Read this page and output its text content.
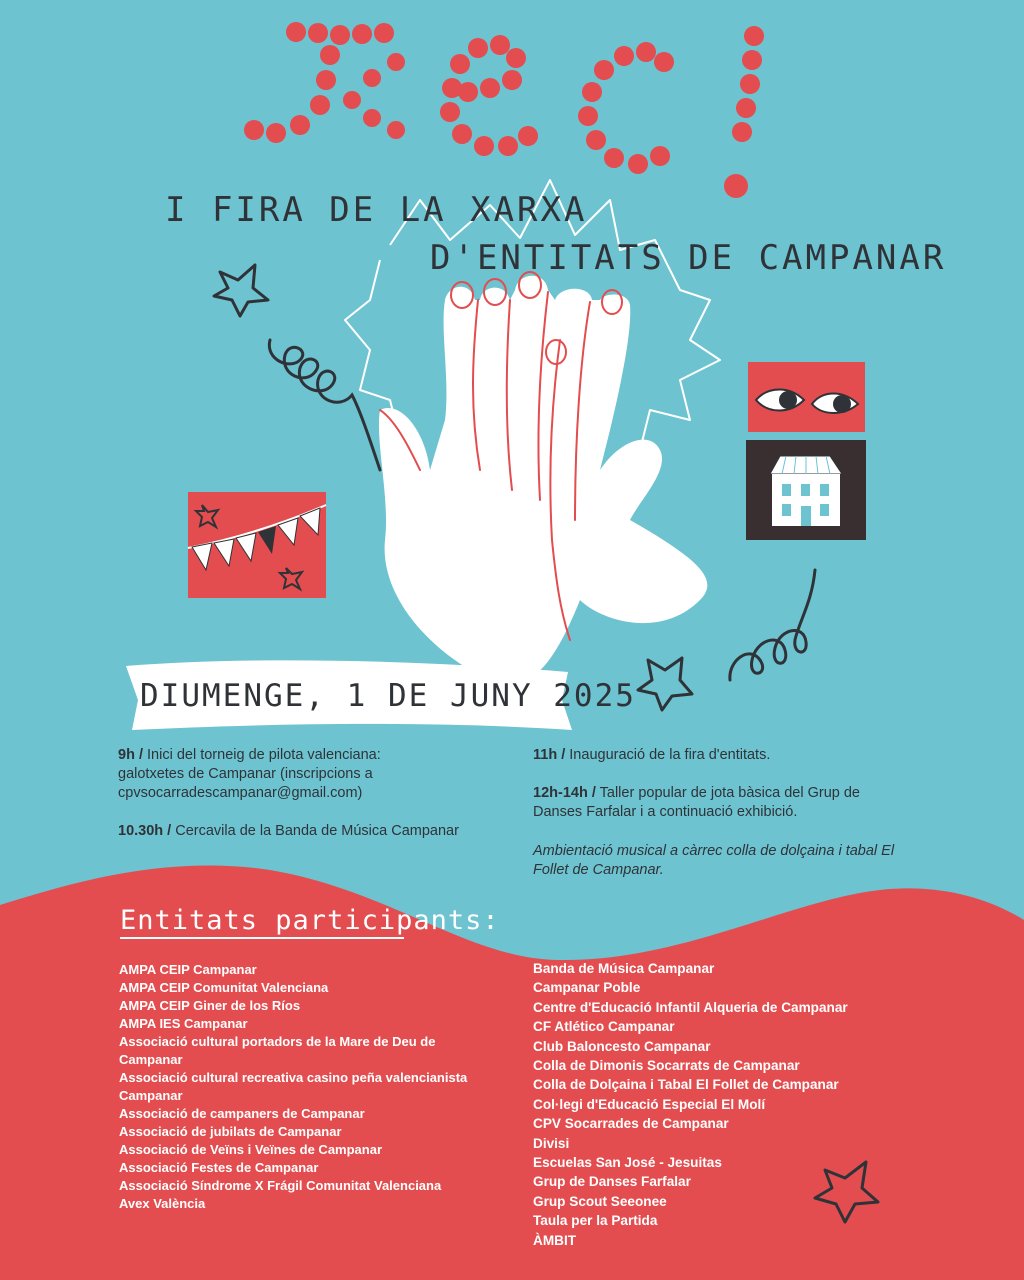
I FIRA DE LA XARXA
D'ENTITATS DE CAMPANAR
DIUMENGE, 1 DE JUNY 2025
9h / Inici del torneig de pilota valenciana: galotxetes de Campanar (inscripcions a cpvsocarradescampanar@gmail.com)
10.30h / Cercavila de la Banda de Música Campanar
11h / Inauguració de la fira d'entitats.
12h-14h / Taller popular de jota bàsica del Grup de Danses Farfalar i a continuació exhibició.
Ambientació musical a càrrec colla de dolçaina i tabal El Follet de Campanar.
Entitats participants:
AMPA CEIP Campanar
AMPA CEIP Comunitat Valenciana
AMPA CEIP Giner de los Ríos
AMPA IES Campanar
Associació cultural portadors de la Mare de Deu de Campanar
Associació cultural recreativa casino peña valencianista Campanar
Associació de campaners de Campanar
Associació de jubilats de Campanar
Associació de Veïns i Veïnes de Campanar
Associació Festes de Campanar
Associació Síndrome X Frágil Comunitat Valenciana
Avex València
Banda de Música Campanar
Campanar Poble
Centre d'Educació Infantil Alqueria de Campanar
CF Atlético Campanar
Club Baloncesto Campanar
Colla de Dimonis Socarrats de Campanar
Colla de Dolçaina i Tabal El Follet de Campanar
Col·legi d'Educació Especial El Molí
CPV Socarrades de Campanar
Divisi
Escuelas San José - Jesuitas
Grup de Danses Farfalar
Grup Scout Seeonee
Taula per la Partida
ÀMBIT
